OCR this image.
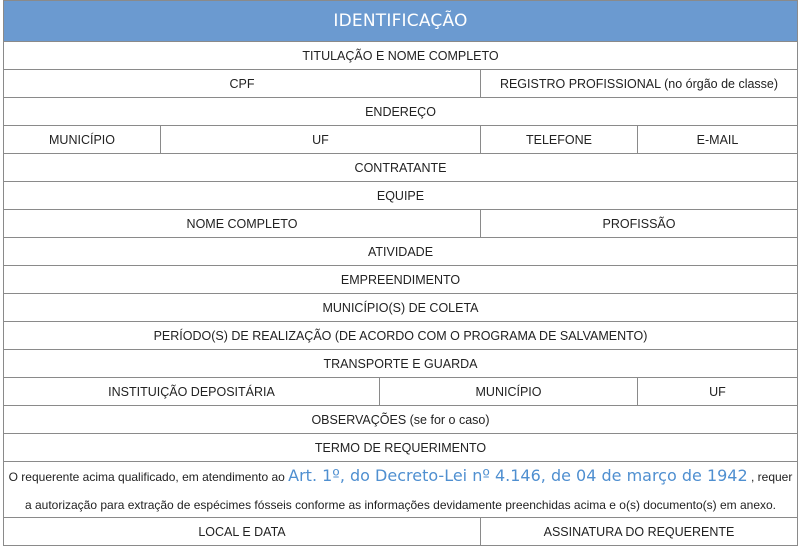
IDENTIFICAÇÃO
TITULAÇÃO E NOME COMPLETO
CPF	REGISTRO PROFISSIONAL (no órgão de classe)
ENDEREÇO
MUNICÍPIO	UF	TELEFONE	E-MAIL
CONTRATANTE
EQUIPE
NOME COMPLETO	PROFISSÃO
ATIVIDADE
EMPREENDIMENTO
MUNICÍPIO(S) DE COLETA
PERÍODO(S) DE REALIZAÇÃO (DE ACORDO COM O PROGRAMA DE SALVAMENTO)
TRANSPORTE E GUARDA
INSTITUIÇÃO DEPOSITÁRIA	MUNICÍPIO	UF
OBSERVAÇÕES (se for o caso)
TERMO DE REQUERIMENTO
O requerente acima qualificado, em atendimento ao Art. 1º, do Decreto-Lei nº 4.146, de 04 de março de 1942 , requer a autorização para extração de espécimes fósseis conforme as informações devidamente preenchidas acima e o(s) documento(s) em anexo.
LOCAL E DATA	ASSINATURA DO REQUERENTE
